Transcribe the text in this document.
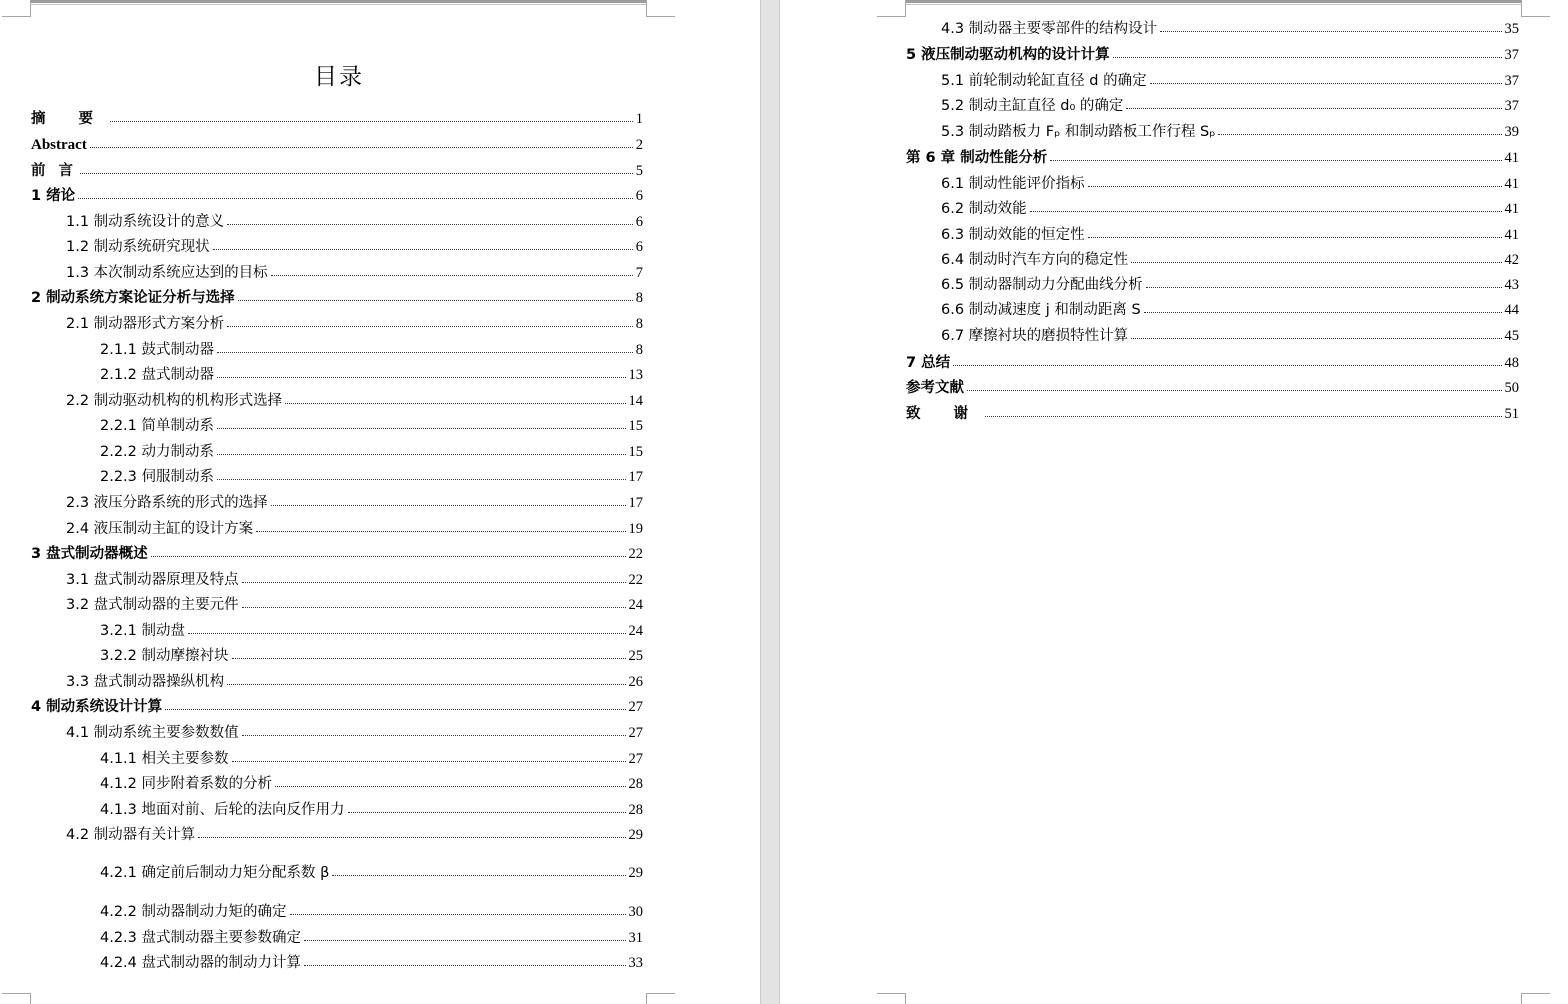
目录
摘 要	1
Abstract	2
前 言	5
1 绪论	6
1.1 制动系统设计的意义	6
1.2 制动系统研究现状	6
1.3 本次制动系统应达到的目标	7
2 制动系统方案论证分析与选择	8
2.1 制动器形式方案分析	8
2.1.1 鼓式制动器	8
2.1.2 盘式制动器	13
2.2 制动驱动机构的机构形式选择	14
2.2.1 简单制动系	15
2.2.2 动力制动系	15
2.2.3 伺服制动系	17
2.3 液压分路系统的形式的选择	17
2.4 液压制动主缸的设计方案	19
3 盘式制动器概述	22
3.1 盘式制动器原理及特点	22
3.2 盘式制动器的主要元件	24
3.2.1 制动盘	24
3.2.2 制动摩擦衬块	25
3.3 盘式制动器操纵机构	26
4 制动系统设计计算	27
4.1 制动系统主要参数数值	27
4.1.1 相关主要参数	27
4.1.2 同步附着系数的分析	28
4.1.3 地面对前、后轮的法向反作用力	28
4.2 制动器有关计算	29
4.2.1 确定前后制动力矩分配系数 β	29
4.2.2 制动器制动力矩的确定	30
4.2.3 盘式制动器主要参数确定	31
4.2.4 盘式制动器的制动力计算	33
4.3 制动器主要零部件的结构设计	35
5 液压制动驱动机构的设计计算	37
5.1 前轮制动轮缸直径 d 的确定	37
5.2 制动主缸直径 d₀ 的确定	37
5.3 制动踏板力 Fₚ 和制动踏板工作行程 Sₚ	39
第 6 章 制动性能分析	41
6.1 制动性能评价指标	41
6.2 制动效能	41
6.3 制动效能的恒定性	41
6.4 制动时汽车方向的稳定性	42
6.5 制动器制动力分配曲线分析	43
6.6 制动减速度 j 和制动距离 S	44
6.7 摩擦衬块的磨损特性计算	45
7 总结	48
参考文献	50
致 谢	51
